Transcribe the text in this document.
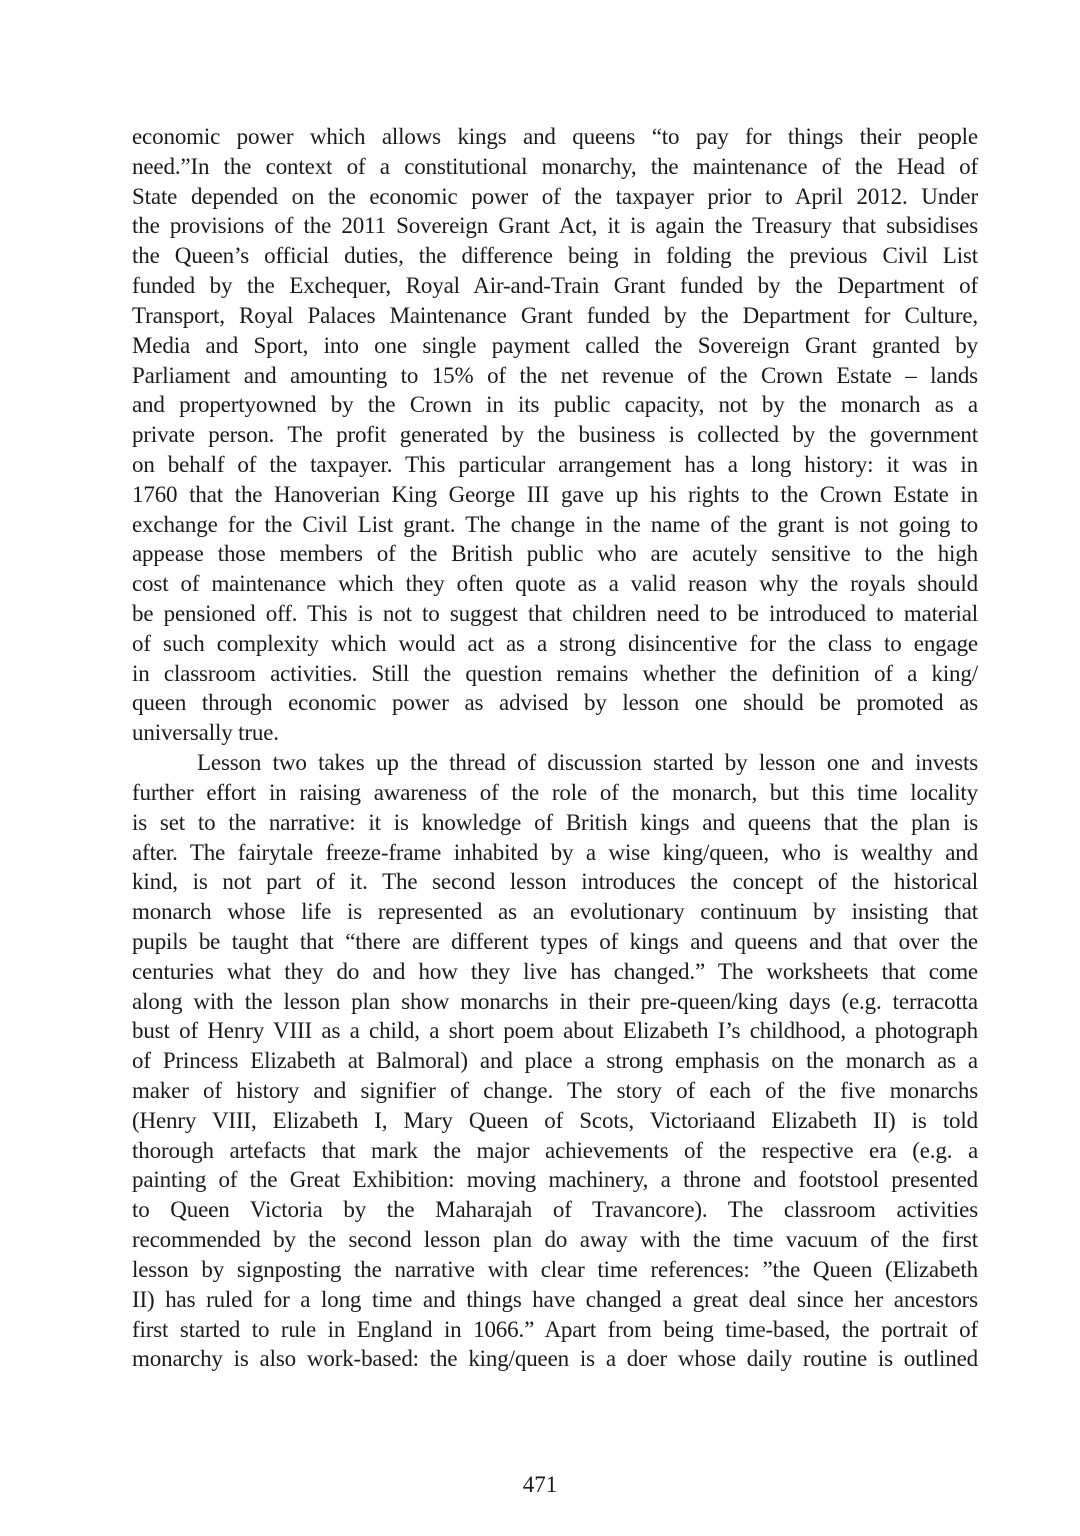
economic power which allows kings and queens “to pay for things their people
need.”In the context of a constitutional monarchy, the maintenance of the Head of
State depended on the economic power of the taxpayer prior to April 2012. Under
the provisions of the 2011 Sovereign Grant Act, it is again the Treasury that subsidises
the Queen’s official duties, the difference being in folding the previous Civil List
funded by the Exchequer, Royal Air-and-Train Grant funded by the Department of
Transport, Royal Palaces Maintenance Grant funded by the Department for Culture,
Media and Sport, into one single payment called the Sovereign Grant granted by
Parliament and amounting to 15% of the net revenue of the Crown Estate – lands
and propertyowned by the Crown in its public capacity, not by the monarch as a
private person. The profit generated by the business is collected by the government
on behalf of the taxpayer. This particular arrangement has a long history: it was in
1760 that the Hanoverian King George III gave up his rights to the Crown Estate in
exchange for the Civil List grant. The change in the name of the grant is not going to
appease those members of the British public who are acutely sensitive to the high
cost of maintenance which they often quote as a valid reason why the royals should
be pensioned off. This is not to suggest that children need to be introduced to material
of such complexity which would act as a strong disincentive for the class to engage
in classroom activities. Still the question remains whether the definition of a king/
queen through economic power as advised by lesson one should be promoted as
universally true.
Lesson two takes up the thread of discussion started by lesson one and invests
further effort in raising awareness of the role of the monarch, but this time locality
is set to the narrative: it is knowledge of British kings and queens that the plan is
after. The fairytale freeze-frame inhabited by a wise king/queen, who is wealthy and
kind, is not part of it. The second lesson introduces the concept of the historical
monarch whose life is represented as an evolutionary continuum by insisting that
pupils be taught that “there are different types of kings and queens and that over the
centuries what they do and how they live has changed.” The worksheets that come
along with the lesson plan show monarchs in their pre-queen/king days (e.g. terracotta
bust of Henry VIII as a child, a short poem about Elizabeth I’s childhood, a photograph
of Princess Elizabeth at Balmoral) and place a strong emphasis on the monarch as a
maker of history and signifier of change. The story of each of the five monarchs
(Henry VIII, Elizabeth I, Mary Queen of Scots, Victoriaand Elizabeth II) is told
thorough artefacts that mark the major achievements of the respective era (e.g. a
painting of the Great Exhibition: moving machinery, a throne and footstool presented
to Queen Victoria by the Maharajah of Travancore). The classroom activities
recommended by the second lesson plan do away with the time vacuum of the first
lesson by signposting the narrative with clear time references: ”the Queen (Elizabeth
II) has ruled for a long time and things have changed a great deal since her ancestors
first started to rule in England in 1066.” Apart from being time-based, the portrait of
monarchy is also work-based: the king/queen is a doer whose daily routine is outlined
471
